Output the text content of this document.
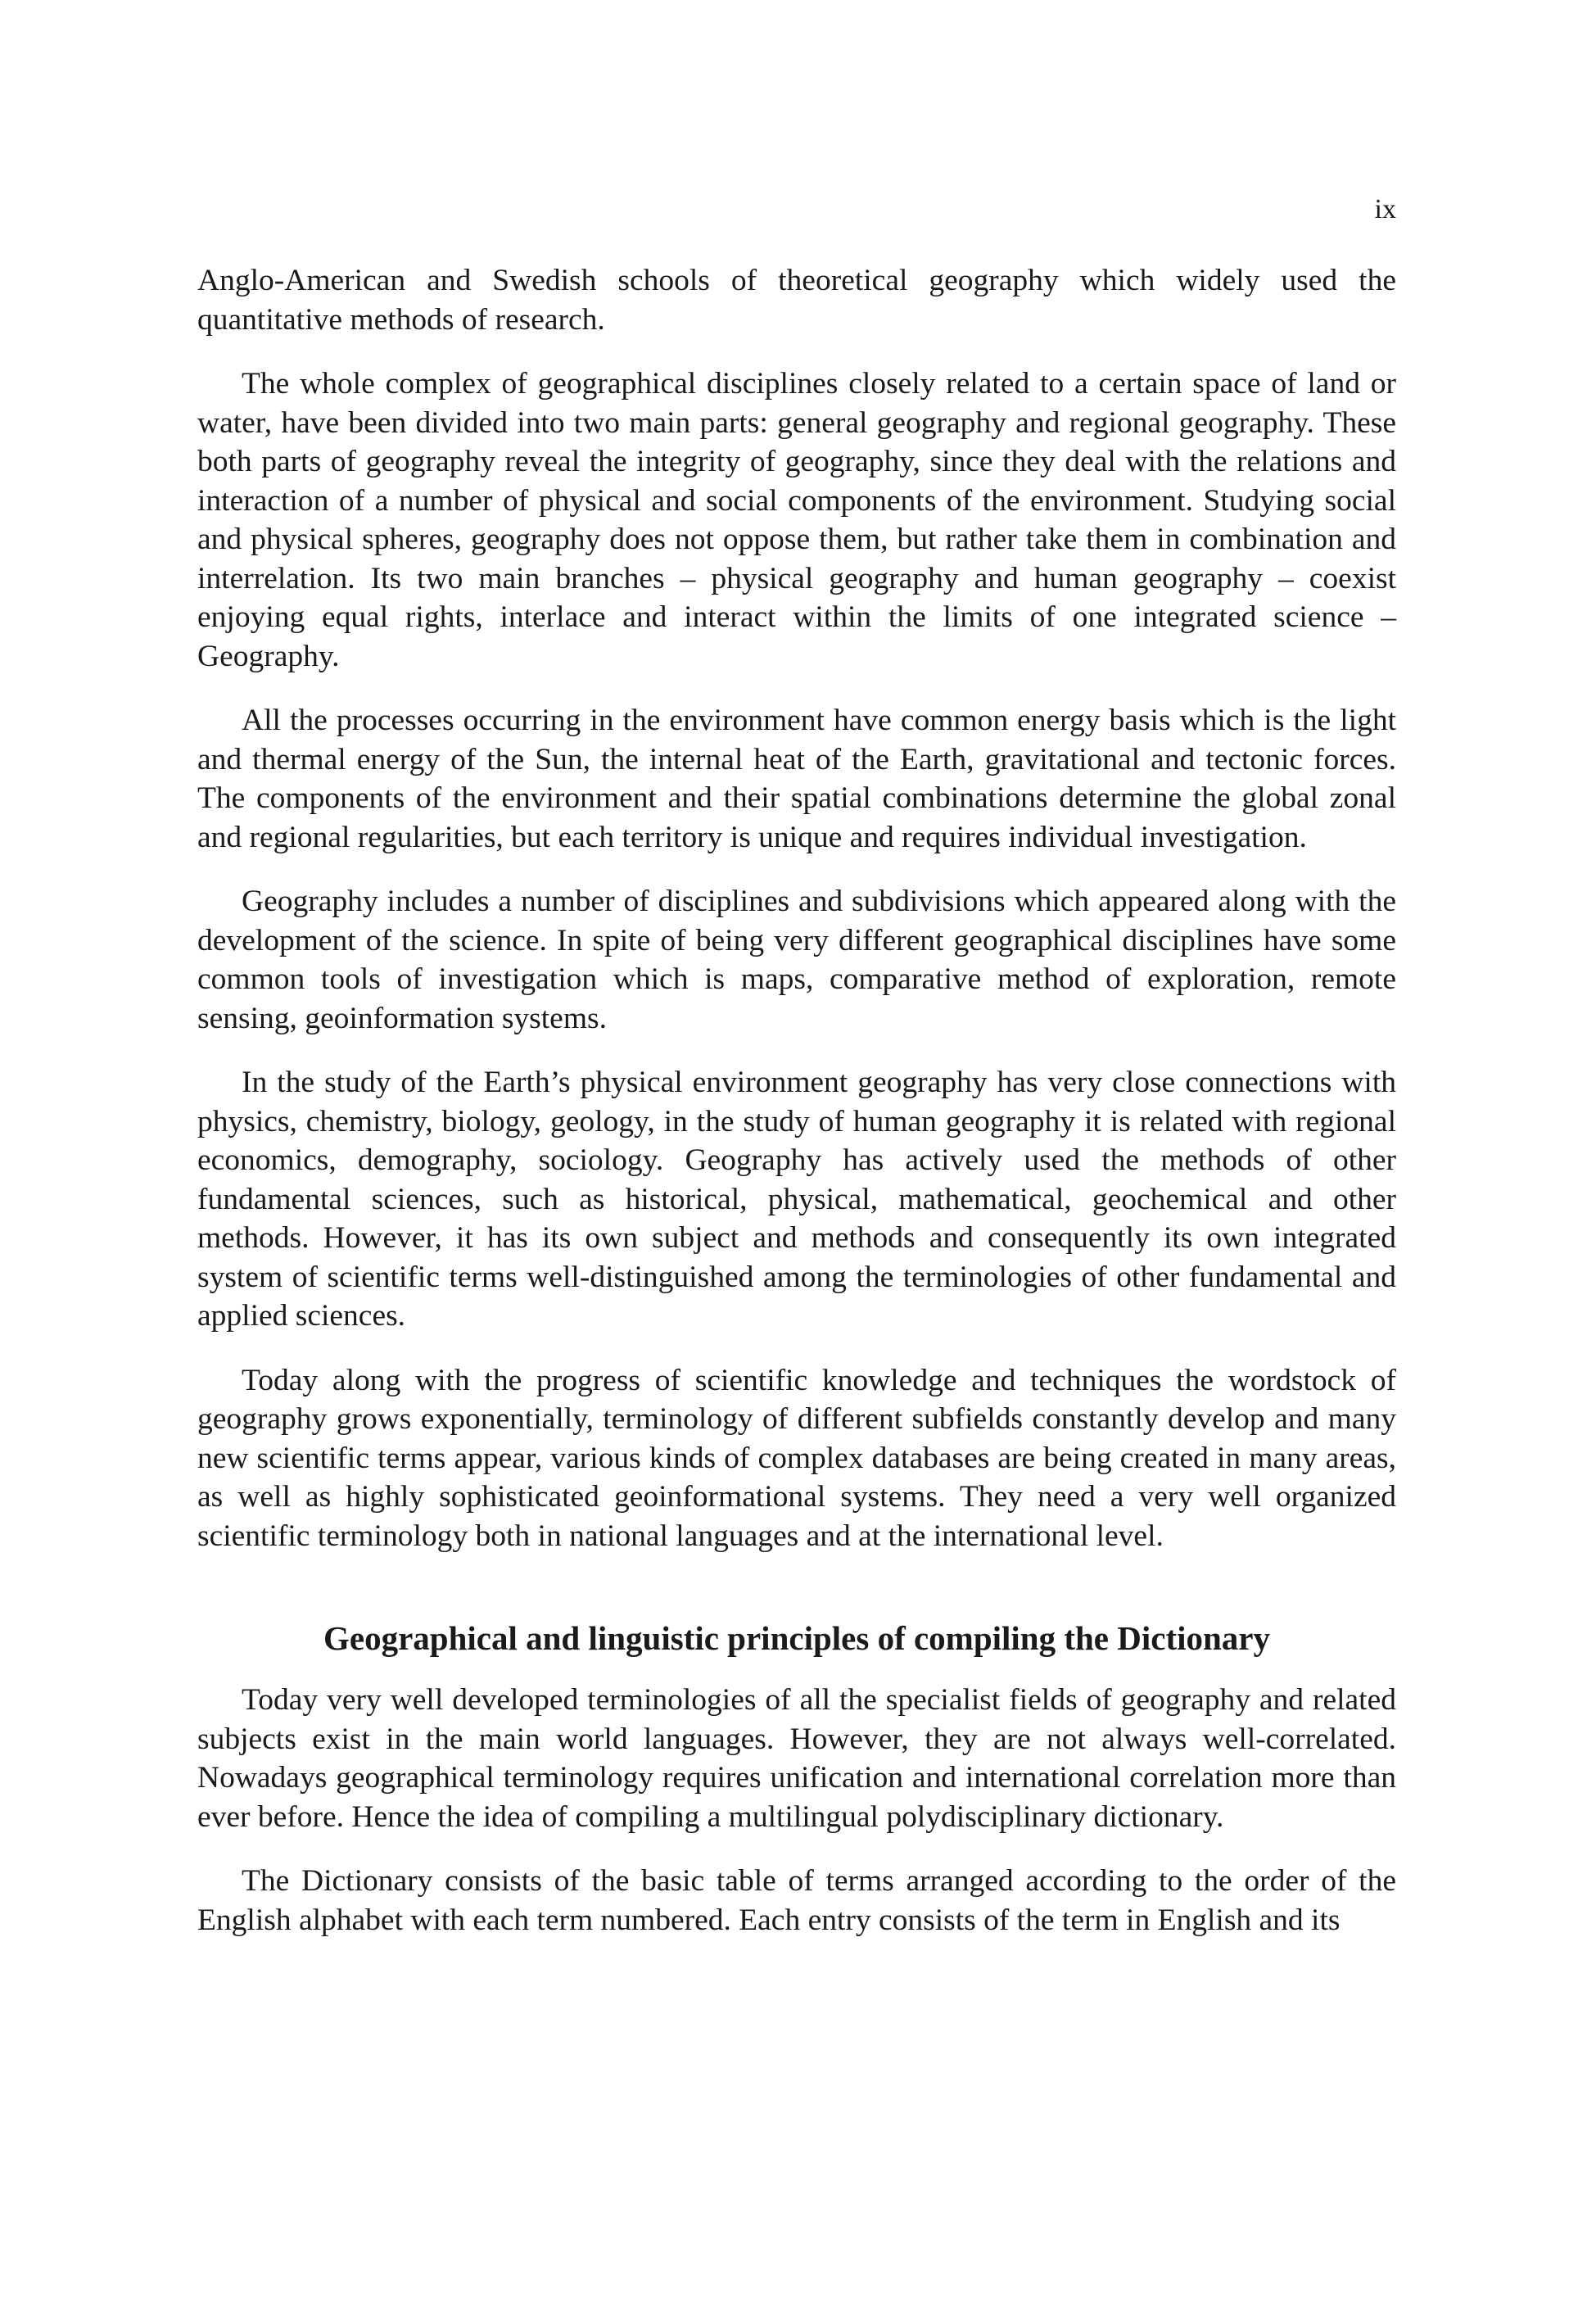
ix

Anglo-American and Swedish schools of theoretical geography which widely used the quantitative methods of research.

The whole complex of geographical disciplines closely related to a certain space of land or water, have been divided into two main parts: general geography and regional geography. These both parts of geography reveal the integrity of geography, since they deal with the relations and interaction of a number of physical and social components of the environment. Studying social and physical spheres, geography does not oppose them, but rather take them in combination and interrelation. Its two main branches – physical geography and human geography – coexist enjoying equal rights, interlace and interact within the limits of one integrated science – Geography.

All the processes occurring in the environment have common energy basis which is the light and thermal energy of the Sun, the internal heat of the Earth, gravitational and tectonic forces. The components of the environment and their spatial combinations determine the global zonal and regional regularities, but each territory is unique and requires individual investigation.

Geography includes a number of disciplines and subdivisions which appeared along with the development of the science. In spite of being very different geographical disciplines have some common tools of investigation which is maps, comparative method of exploration, remote sensing, geoinformation systems.

In the study of the Earth’s physical environment geography has very close connections with physics, chemistry, biology, geology, in the study of human geography it is related with regional economics, demography, sociology. Geography has actively used the methods of other fundamental sciences, such as historical, physical, mathematical, geochemical and other methods. However, it has its own subject and methods and consequently its own integrated system of scientific terms well-distinguished among the terminologies of other fundamental and applied sciences.

Today along with the progress of scientific knowledge and techniques the wordstock of geography grows exponentially, terminology of different subfields constantly develop and many new scientific terms appear, various kinds of complex databases are being created in many areas, as well as highly sophisticated geoinformational systems. They need a very well organized scientific terminology both in national languages and at the international level.

Geographical and linguistic principles of compiling the Dictionary

Today very well developed terminologies of all the specialist fields of geography and related subjects exist in the main world languages. However, they are not always well-correlated. Nowadays geographical terminology requires unification and international correlation more than ever before. Hence the idea of compiling a multilingual polydisciplinary dictionary.

The Dictionary consists of the basic table of terms arranged according to the order of the English alphabet with each term numbered. Each entry consists of the term in English and its
